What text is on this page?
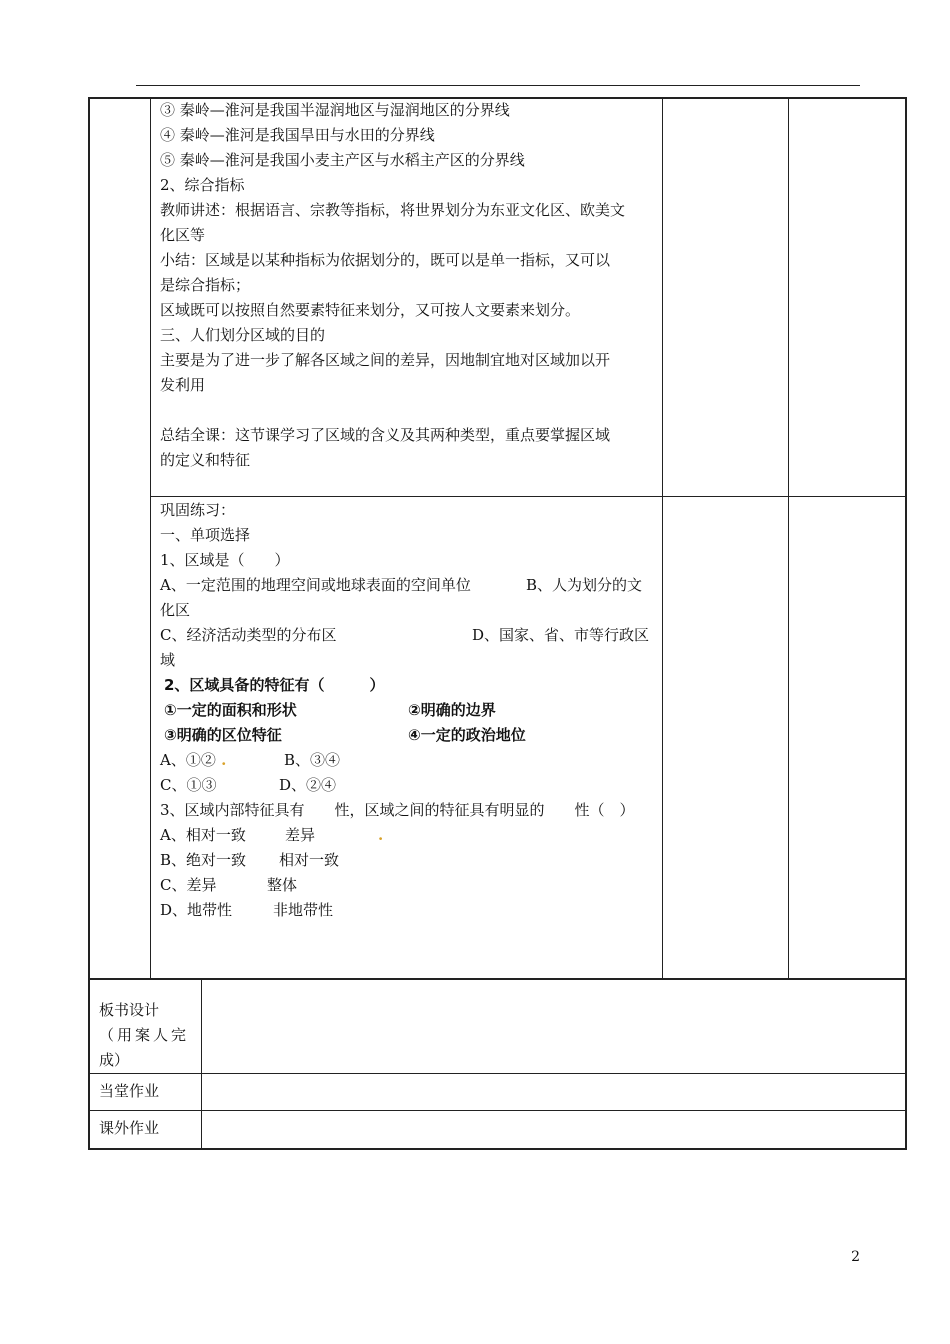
③ 秦岭—淮河是我国半湿润地区与湿润地区的分界线

④ 秦岭—淮河是我国旱田与水田的分界线

⑤ 秦岭—淮河是我国小麦主产区与水稻主产区的分界线

2、综合指标

教师讲述：根据语言、宗教等指标，将世界划分为东亚文化区、欧美文

化区等

小结：区域是以某种指标为依据划分的，既可以是单一指标，又可以

是综合指标；

区域既可以按照自然要素特征来划分，又可按人文要素来划分。

三、人们划分区域的目的

主要是为了进一步了解各区域之间的差异，因地制宜地对区域加以开

发利用

总结全课：这节课学习了区域的含义及其两种类型，重点要掌握区域

的定义和特征

巩固练习：

一、单项选择

1、区域是（　　）

A、一定范围的地理空间或地球表面的空间单位	B、人为划分的文

化区

C、经济活动类型的分布区	D、国家、省、市等行政区

域

2、区域具备的特征有（　　　）

①一定的面积和形状	②明确的边界

③明确的区位特征	④一定的政治地位

A、①② .	B、③④

C、①③	D、②④

3、区域内部特征具有　　性，区域之间的特征具有明显的　　性（　）

A、相对一致	差异	.

B、绝对一致 相对一致

C、差异	整体

D、地带性	非地带性

板书设计
（用案人完
成）
当堂作业
课外作业
2
